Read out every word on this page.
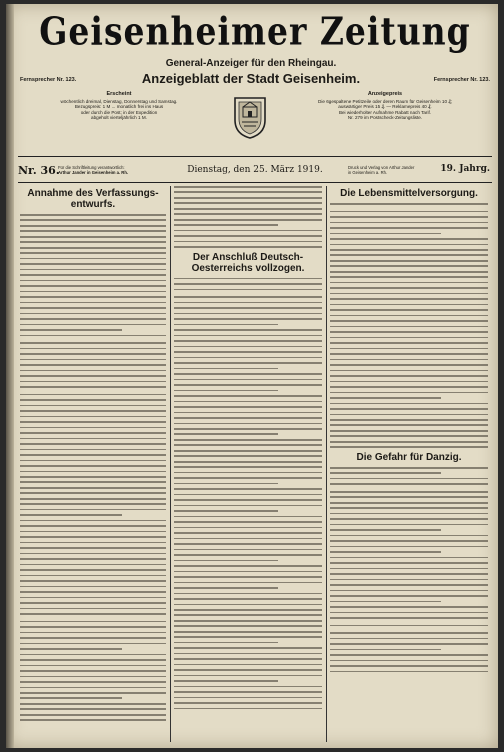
Geisenheimer Zeitung
General-Anzeiger für den Rheingau.
Anzeigeblatt der Stadt Geisenheim.
Fernsprecher Nr. 123.	Fernsprecher Nr. 123.
Erscheint
wöchentlich dreimal, Dienstag, Donnerstag und Samstag.
Bezugspreis: 1 M ... monatlich frei ins Haus
oder durch die Post; in der Expedition
abgeholt vierteljährlich 1 M.
Anzeigepreis
Die 6gespaltene Petitzeile oder deren Raum für Geisenheim 10 ₰;
auswärtiger Preis 15 ₰. — Reklamepreis 40 ₰.
Bei wiederholter Aufnahme Rabatt nach Tarif.
Nr. 279 im Postscheck-Zeitungsliste.
Nr. 36.
Für die Schriftleitung verantwortlich:
Arthur Jander in Geisenheim a. Rh.	Dienstag, den 25. März 1919.	Druck und Verlag von Arthur Jander
in Geisenheim a. Rh.	19. Jahrg.
Annahme des Verfassungs-entwurfs.
Der Anschluß Deutsch-Oesterreichs vollzogen.
Die Lebensmittelversorgung.
Die Gefahr für Danzig.
